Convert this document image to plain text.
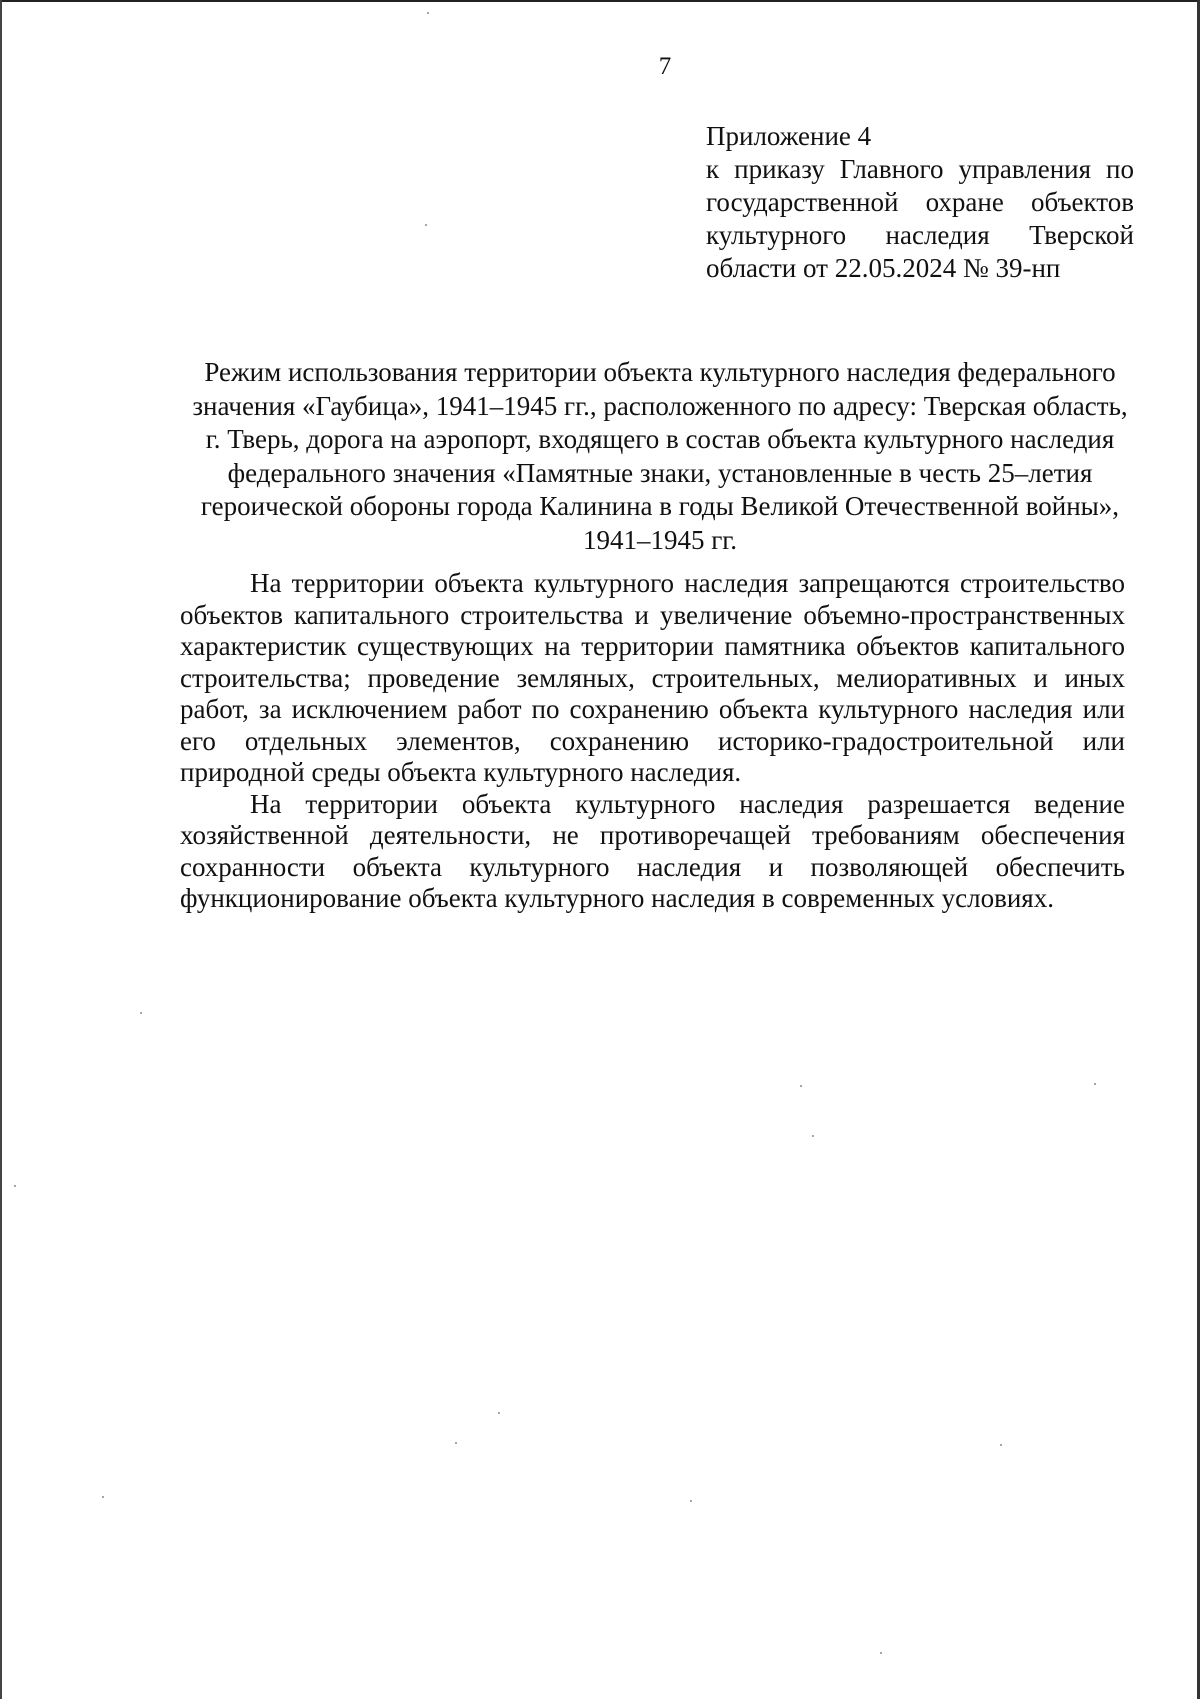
7
Приложение 4
к приказу Главного управления по государственной охране объектов культурного наследия Тверской области от 22.05.2024 № 39-нп
Режим использования территории объекта культурного наследия федерального значения «Гаубица», 1941–1945 гг., расположенного по адресу: Тверская область, г. Тверь, дорога на аэропорт, входящего в состав объекта культурного наследия федерального значения «Памятные знаки, установленные в честь 25–летия героической обороны города Калинина в годы Великой Отечественной войны», 1941–1945 гг.

На территории объекта культурного наследия запрещаются строительство объектов капитального строительства и увеличение объемно-пространственных характеристик существующих на территории памятника объектов капитального строительства; проведение земляных, строительных, мелиоративных и иных работ, за исключением работ по сохранению объекта культурного наследия или его отдельных элементов, сохранению историко-градостроительной или природной среды объекта культурного наследия.

На территории объекта культурного наследия разрешается ведение хозяйственной деятельности, не противоречащей требованиям обеспечения сохранности объекта культурного наследия и позволяющей обеспечить функционирование объекта культурного наследия в современных условиях.
